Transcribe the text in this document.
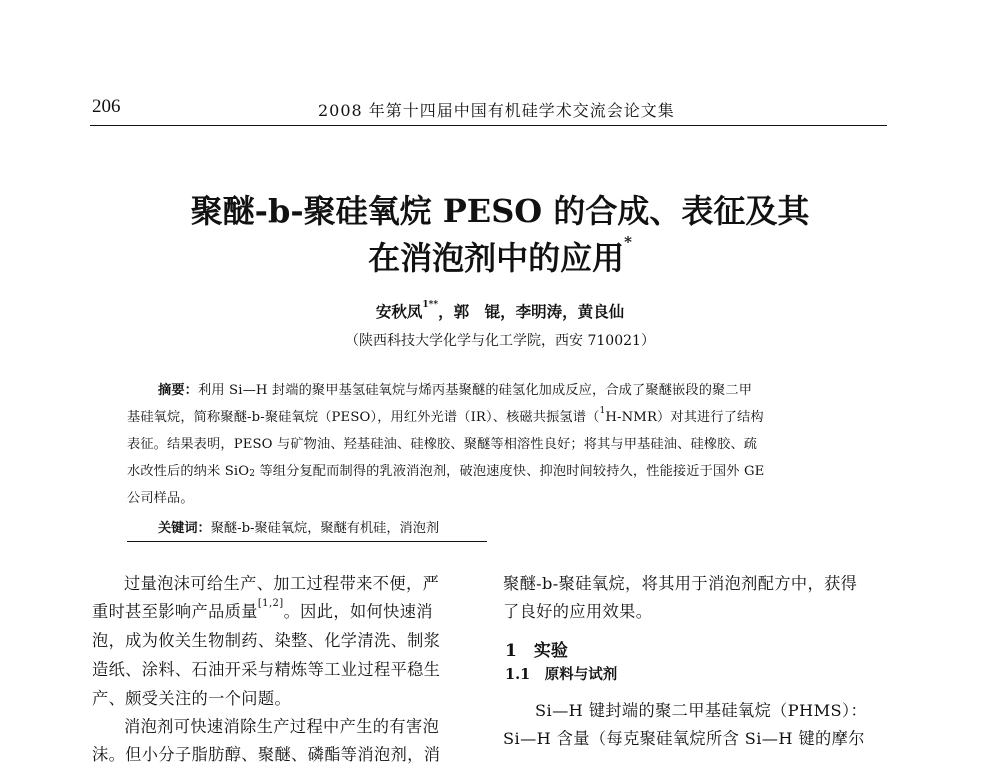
206	2008 年第十四届中国有机硅学术交流会论文集
聚醚-b-聚硅氧烷 PESO 的合成、表征及其
在消泡剂中的应用*
安秋凤$^{1**}$，郭　锟，李明涛，黄良仙
（陕西科技大学化学与化工学院，西安 710021）
摘要：利用 Si—H 封端的聚甲基氢硅氧烷与烯丙基聚醚的硅氢化加成反应，合成了聚醚嵌段的聚二甲
基硅氧烷，简称聚醚-b-聚硅氧烷（PESO），用红外光谱（IR）、核磁共振氢谱（$^1$H-NMR）对其进行了结构
表征。结果表明，PESO 与矿物油、羟基硅油、硅橡胶、聚醚等相溶性良好；将其与甲基硅油、硅橡胶、疏
水改性后的纳米 SiO2 等组分复配而制得的乳液消泡剂，破泡速度快、抑泡时间较持久，性能接近于国外 GE
公司样品。
关键词：聚醚-b-聚硅氧烷，聚醚有机硅，消泡剂
过量泡沫可给生产、加工过程带来不便，严
重时甚至影响产品质量[1,2]。因此，如何快速消
泡，成为攸关生物制药、染整、化学清洗、制浆
造纸、涂料、石油开采与精炼等工业过程平稳生
产、颇受关注的一个问题。
消泡剂可快速消除生产过程中产生的有害泡
沫。但小分子脂肪醇、聚醚、磷酯等消泡剂，消
聚醚-b-聚硅氧烷，将其用于消泡剂配方中，获得
了良好的应用效果。
1　实验
1.1　原料与试剂
Si—H 键封端的聚二甲基硅氧烷（PHMS）：
Si—H 含量（每克聚硅氧烷所含 Si—H 键的摩尔
